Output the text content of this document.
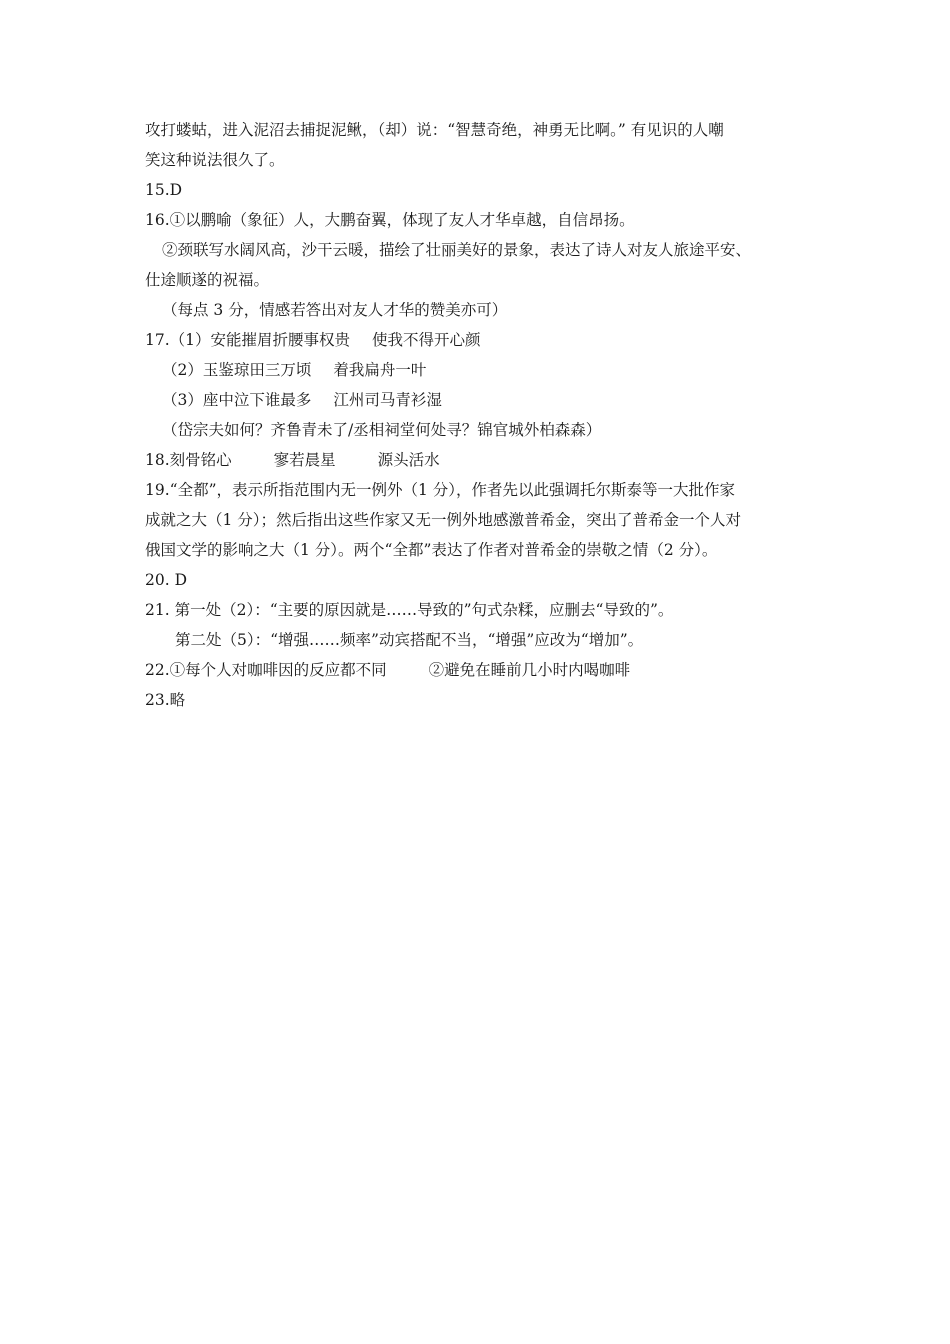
攻打蝼蛄，进入泥沼去捕捉泥鳅，（却）说：“智慧奇绝，神勇无比啊。” 有见识的人嘲
笑这种说法很久了。
15.D
16.①以鹏喻（象征）人，大鹏奋翼，体现了友人才华卓越，自信昂扬。
②颈联写水阔风高，沙干云暖，描绘了壮丽美好的景象，表达了诗人对友人旅途平安、
仕途顺遂的祝福。
（每点 3 分，情感若答出对友人才华的赞美亦可）
17.（1）安能摧眉折腰事权贵 使我不得开心颜
（2）玉鉴琼田三万顷 着我扁舟一叶
（3）座中泣下谁最多 江州司马青衫湿
（岱宗夫如何？齐鲁青未了/丞相祠堂何处寻？锦官城外柏森森）
18.刻骨铭心	寥若晨星	源头活水
19.“全都”，表示所指范围内无一例外（1 分），作者先以此强调托尔斯泰等一大批作家
成就之大（1 分）；然后指出这些作家又无一例外地感激普希金，突出了普希金一个人对
俄国文学的影响之大（1 分）。两个“全都”表达了作者对普希金的崇敬之情（2 分）。
20. D
21. 第一处（2）：“主要的原因就是……导致的”句式杂糅，应删去“导致的”。
第二处（5）：“增强……频率”动宾搭配不当，“增强”应改为“增加”。
22.①每个人对咖啡因的反应都不同	②避免在睡前几小时内喝咖啡
23.略
